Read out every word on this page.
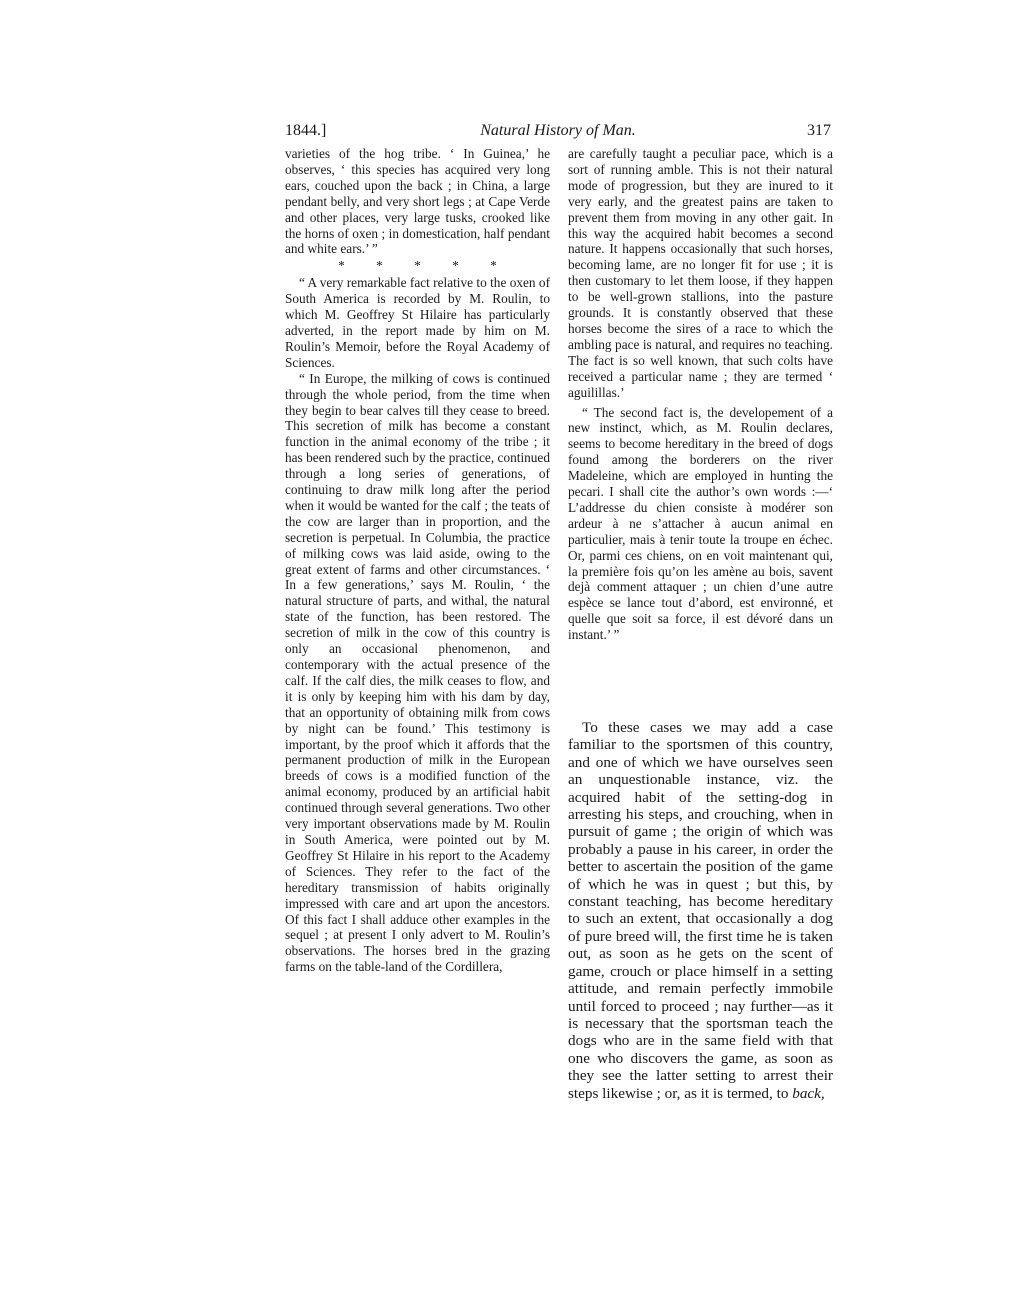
1844.]	Natural History of Man.	317

varieties of the hog tribe. ‘ In Guinea,’ he observes, ‘ this species has acquired very long ears, couched upon the back ; in China, a large pendant belly, and very short legs ; at Cape Verde and other places, very large tusks, crooked like the horns of oxen ; in domestication, half pendant and white ears.’ ”

* * * * *

“ A very remarkable fact relative to the oxen of South America is recorded by M. Roulin, to which M. Geoffrey St Hilaire has particularly adverted, in the report made by him on M. Roulin’s Memoir, before the Royal Academy of Sciences.

“ In Europe, the milking of cows is continued through the whole period, from the time when they begin to bear calves till they cease to breed. This secretion of milk has become a constant function in the animal economy of the tribe ; it has been rendered such by the practice, continued through a long series of generations, of continuing to draw milk long after the period when it would be wanted for the calf ; the teats of the cow are larger than in proportion, and the secretion is perpetual. In Columbia, the practice of milking cows was laid aside, owing to the great extent of farms and other circumstances. ‘ In a few generations,’ says M. Roulin, ‘ the natural structure of parts, and withal, the natural state of the function, has been restored. The secretion of milk in the cow of this country is only an occasional phenomenon, and contemporary with the actual presence of the calf. If the calf dies, the milk ceases to flow, and it is only by keeping him with his dam by day, that an opportunity of obtaining milk from cows by night can be found.’ This testimony is important, by the proof which it affords that the permanent production of milk in the European breeds of cows is a modified function of the animal economy, produced by an artificial habit continued through several generations. Two other very important observations made by M. Roulin in South America, were pointed out by M. Geoffrey St Hilaire in his report to the Academy of Sciences. They refer to the fact of the hereditary transmission of habits originally impressed with care and art upon the ancestors. Of this fact I shall adduce other examples in the sequel ; at present I only advert to M. Roulin’s observations. The horses bred in the grazing farms on the table-land of the Cordillera,

are carefully taught a peculiar pace, which is a sort of running amble. This is not their natural mode of progression, but they are inured to it very early, and the greatest pains are taken to prevent them from moving in any other gait. In this way the acquired habit becomes a second nature. It happens occasionally that such horses, becoming lame, are no longer fit for use ; it is then customary to let them loose, if they happen to be well-grown stallions, into the pasture grounds. It is constantly observed that these horses become the sires of a race to which the ambling pace is natural, and requires no teaching. The fact is so well known, that such colts have received a particular name ; they are termed ‘ aguilillas.’

“ The second fact is, the developement of a new instinct, which, as M. Roulin declares, seems to become hereditary in the breed of dogs found among the borderers on the river Madeleine, which are employed in hunting the pecari. I shall cite the author’s own words :—‘ L’addresse du chien consiste à modérer son ardeur à ne s’attacher à aucun animal en particulier, mais à tenir toute la troupe en échec. Or, parmi ces chiens, on en voit maintenant qui, la première fois qu’on les amène au bois, savent dejà comment attaquer ; un chien d’une autre espèce se lance tout d’abord, est environné, et quelle que soit sa force, il est dévoré dans un instant.’ ”

To these cases we may add a case familiar to the sportsmen of this country, and one of which we have ourselves seen an unquestionable instance, viz. the acquired habit of the setting-dog in arresting his steps, and crouching, when in pursuit of game ; the origin of which was probably a pause in his career, in order the better to ascertain the position of the game of which he was in quest ; but this, by constant teaching, has become hereditary to such an extent, that occasionally a dog of pure breed will, the first time he is taken out, as soon as he gets on the scent of game, crouch or place himself in a setting attitude, and remain perfectly immobile until forced to proceed ; nay further—as it is necessary that the sportsman teach the dogs who are in the same field with that one who discovers the game, as soon as they see the latter setting to arrest their steps likewise ; or, as it is termed, to back,
